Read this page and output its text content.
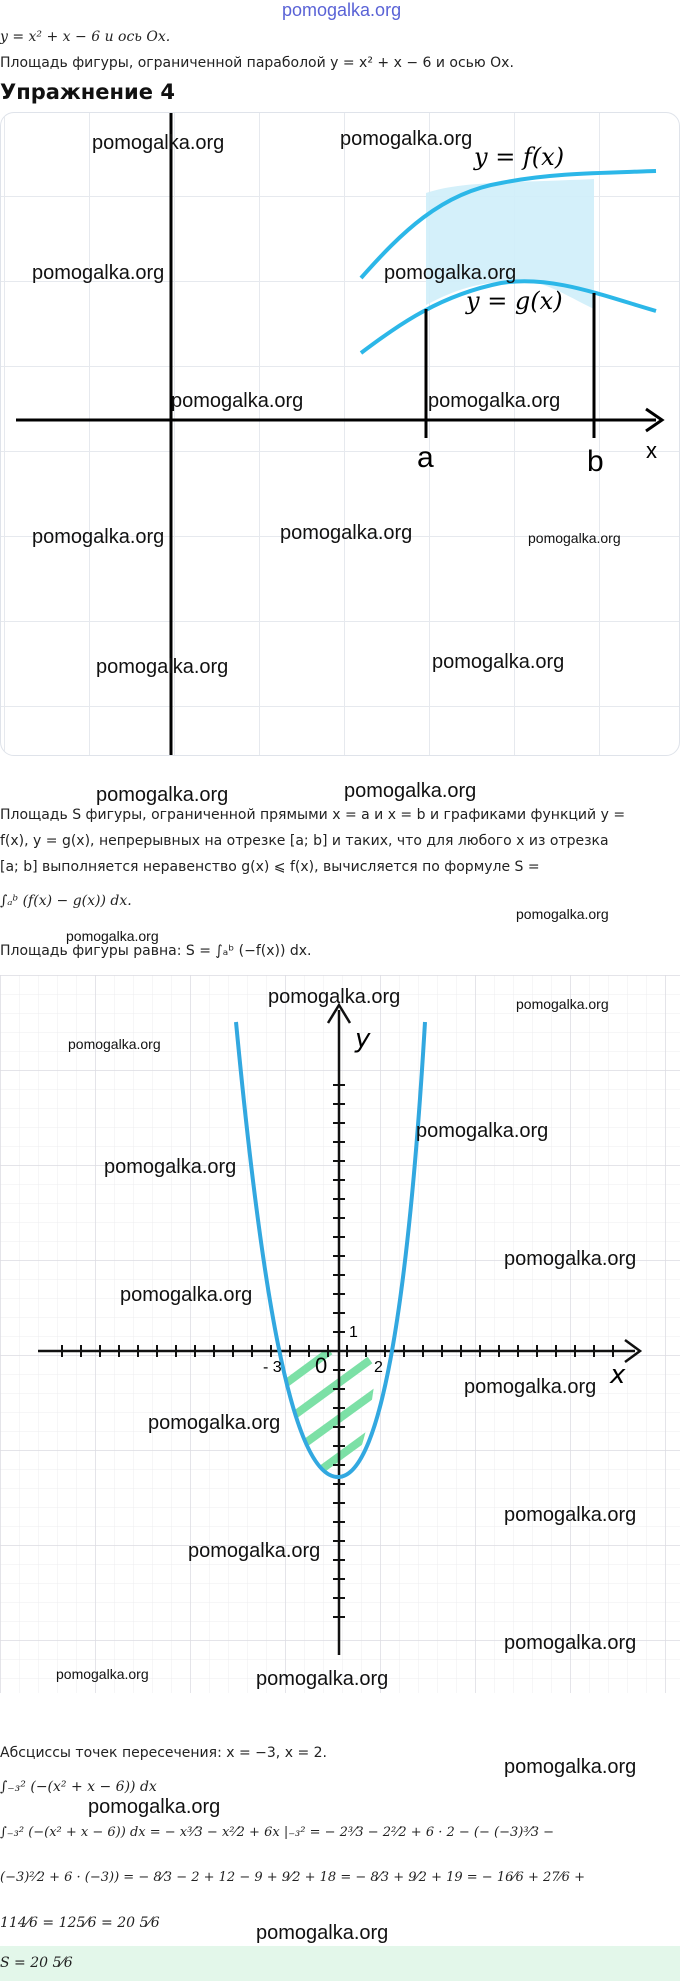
pomogalka.org
y = x² + x − 6 и ось Ox.
Площадь фигуры, ограниченной параболой y = x² + x − 6 и осью Ox.
Упражнение 4
y = f(x)
y = g(x)
a	b x
Площадь S фигуры, ограниченной прямыми x = a и x = b и графиками функций y =
f(x), y = g(x), непрерывных на отрезке [a; b] и таких, что для любого x из отрезка
[a; b] выполняется неравенство g(x) ⩽ f(x), вычисляется по формуле S =
∫ₐᵇ (f(x) − g(x)) dx.
Площадь фигуры равна: S = ∫ₐᵇ (−f(x)) dx.
y
x
0
1
- 3	2
Абсциссы точек пересечения: x = −3, x = 2.
∫₋₃² (−(x² + x − 6)) dx
∫₋₃² (−(x² + x − 6)) dx = − x³⁄3 − x²⁄2 + 6x |₋₃² = − 2³⁄3 − 2²⁄2 + 6 · 2 − (− (−3)³⁄3 −
(−3)²⁄2 + 6 · (−3)) = − 8⁄3 − 2 + 12 − 9 + 9⁄2 + 18 = − 8⁄3 + 9⁄2 + 19 = − 16⁄6 + 27⁄6 +
114⁄6 = 125⁄6 = 20 5⁄6
S = 20 5⁄6
pomogalka.org	pomogalka.org
pomogalka.org	pomogalka.org
pomogalka.org	pomogalka.org
pomogalka.org	pomogalka.org	pomogalka.org
pomogalka.org	pomogalka.org
pomogalka.org	pomogalka.org
pomogalka.org
pomogalka.org
pomogalka.org	pomogalka.org
pomogalka.org
pomogalka.org
pomogalka.org
pomogalka.org
pomogalka.org
pomogalka.org
pomogalka.org
pomogalka.org
pomogalka.org
pomogalka.org
pomogalka.org	pomogalka.org
pomogalka.org
pomogalka.org
pomogalka.org
